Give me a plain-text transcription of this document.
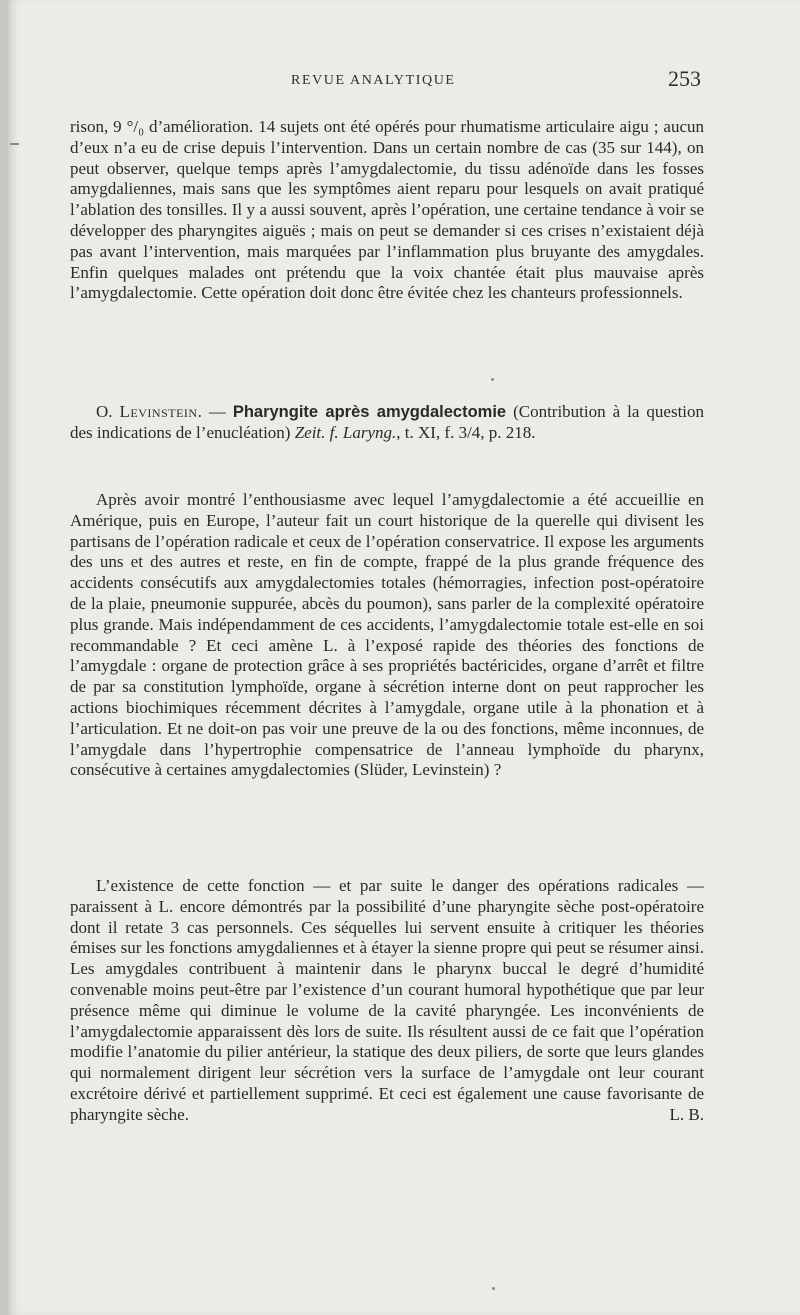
REVUE ANALYTIQUE	253

rison, 9 °/₀ d’amélioration. 14 sujets ont été opérés pour rhumatisme articulaire aigu ; aucun d’eux n’a eu de crise depuis l’intervention. Dans un certain nombre de cas (35 sur 144), on peut observer, quelque temps après l’amygdalectomie, du tissu adénoïde dans les fosses amygdaliennes, mais sans que les symptômes aient reparu pour lesquels on avait pratiqué l’ablation des tonsilles. Il y a aussi souvent, après l’opération, une certaine tendance à voir se développer des pharyngites aiguës ; mais on peut se demander si ces crises n’existaient déjà pas avant l’intervention, mais marquées par l’inflammation plus bruyante des amygdales. Enfin quelques malades ont prétendu que la voix chantée était plus mauvaise après l’amygdalectomie. Cette opération doit donc être évitée chez les chanteurs professionnels.

O. Levinstein. — Pharyngite après amygdalectomie (Contribution à la question des indications de l’enucléation) Zeit. f. Laryng., t. XI, f. 3/4, p. 218.

Après avoir montré l’enthousiasme avec lequel l’amygdalectomie a été accueillie en Amérique, puis en Europe, l’auteur fait un court historique de la querelle qui divisent les partisans de l’opération radicale et ceux de l’opération conservatrice. Il expose les arguments des uns et des autres et reste, en fin de compte, frappé de la plus grande fréquence des accidents consécutifs aux amygdalectomies totales (hémorragies, infection post-opératoire de la plaie, pneumonie suppurée, abcès du poumon), sans parler de la complexité opératoire plus grande. Mais indépendamment de ces accidents, l’amygdalectomie totale est-elle en soi recommandable ? Et ceci amène L. à l’exposé rapide des théories des fonctions de l’amygdale : organe de protection grâce à ses propriétés bactéricides, organe d’arrêt et filtre de par sa constitution lymphoïde, organe à sécrétion interne dont on peut rapprocher les actions biochimiques récemment décrites à l’amygdale, organe utile à la phonation et à l’articulation. Et ne doit-on pas voir une preuve de la ou des fonctions, même inconnues, de l’amygdale dans l’hypertrophie compensatrice de l’anneau lymphoïde du pharynx, consécutive à certaines amygdalectomies (Slüder, Levinstein) ?

L’existence de cette fonction — et par suite le danger des opérations radicales — paraissent à L. encore démontrés par la possibilité d’une pharyngite sèche post-opératoire dont il retate 3 cas personnels. Ces séquelles lui servent ensuite à critiquer les théories émises sur les fonctions amygdaliennes et à étayer la sienne propre qui peut se résumer ainsi. Les amygdales contribuent à maintenir dans le pharynx buccal le degré d’humidité convenable moins peut-être par l’existence d’un courant humoral hypothétique que par leur présence même qui diminue le volume de la cavité pharyngée. Les inconvénients de l’amygdalectomie apparaissent dès lors de suite. Ils résultent aussi de ce fait que l’opération modifie l’anatomie du pilier antérieur, la statique des deux piliers, de sorte que leurs glandes qui normalement dirigent leur sécrétion vers la surface de l’amygdale ont leur courant excrétoire dérivé et partiellement supprimé. Et ceci est également une cause favorisante de pharyngite sèche.	L. B.
